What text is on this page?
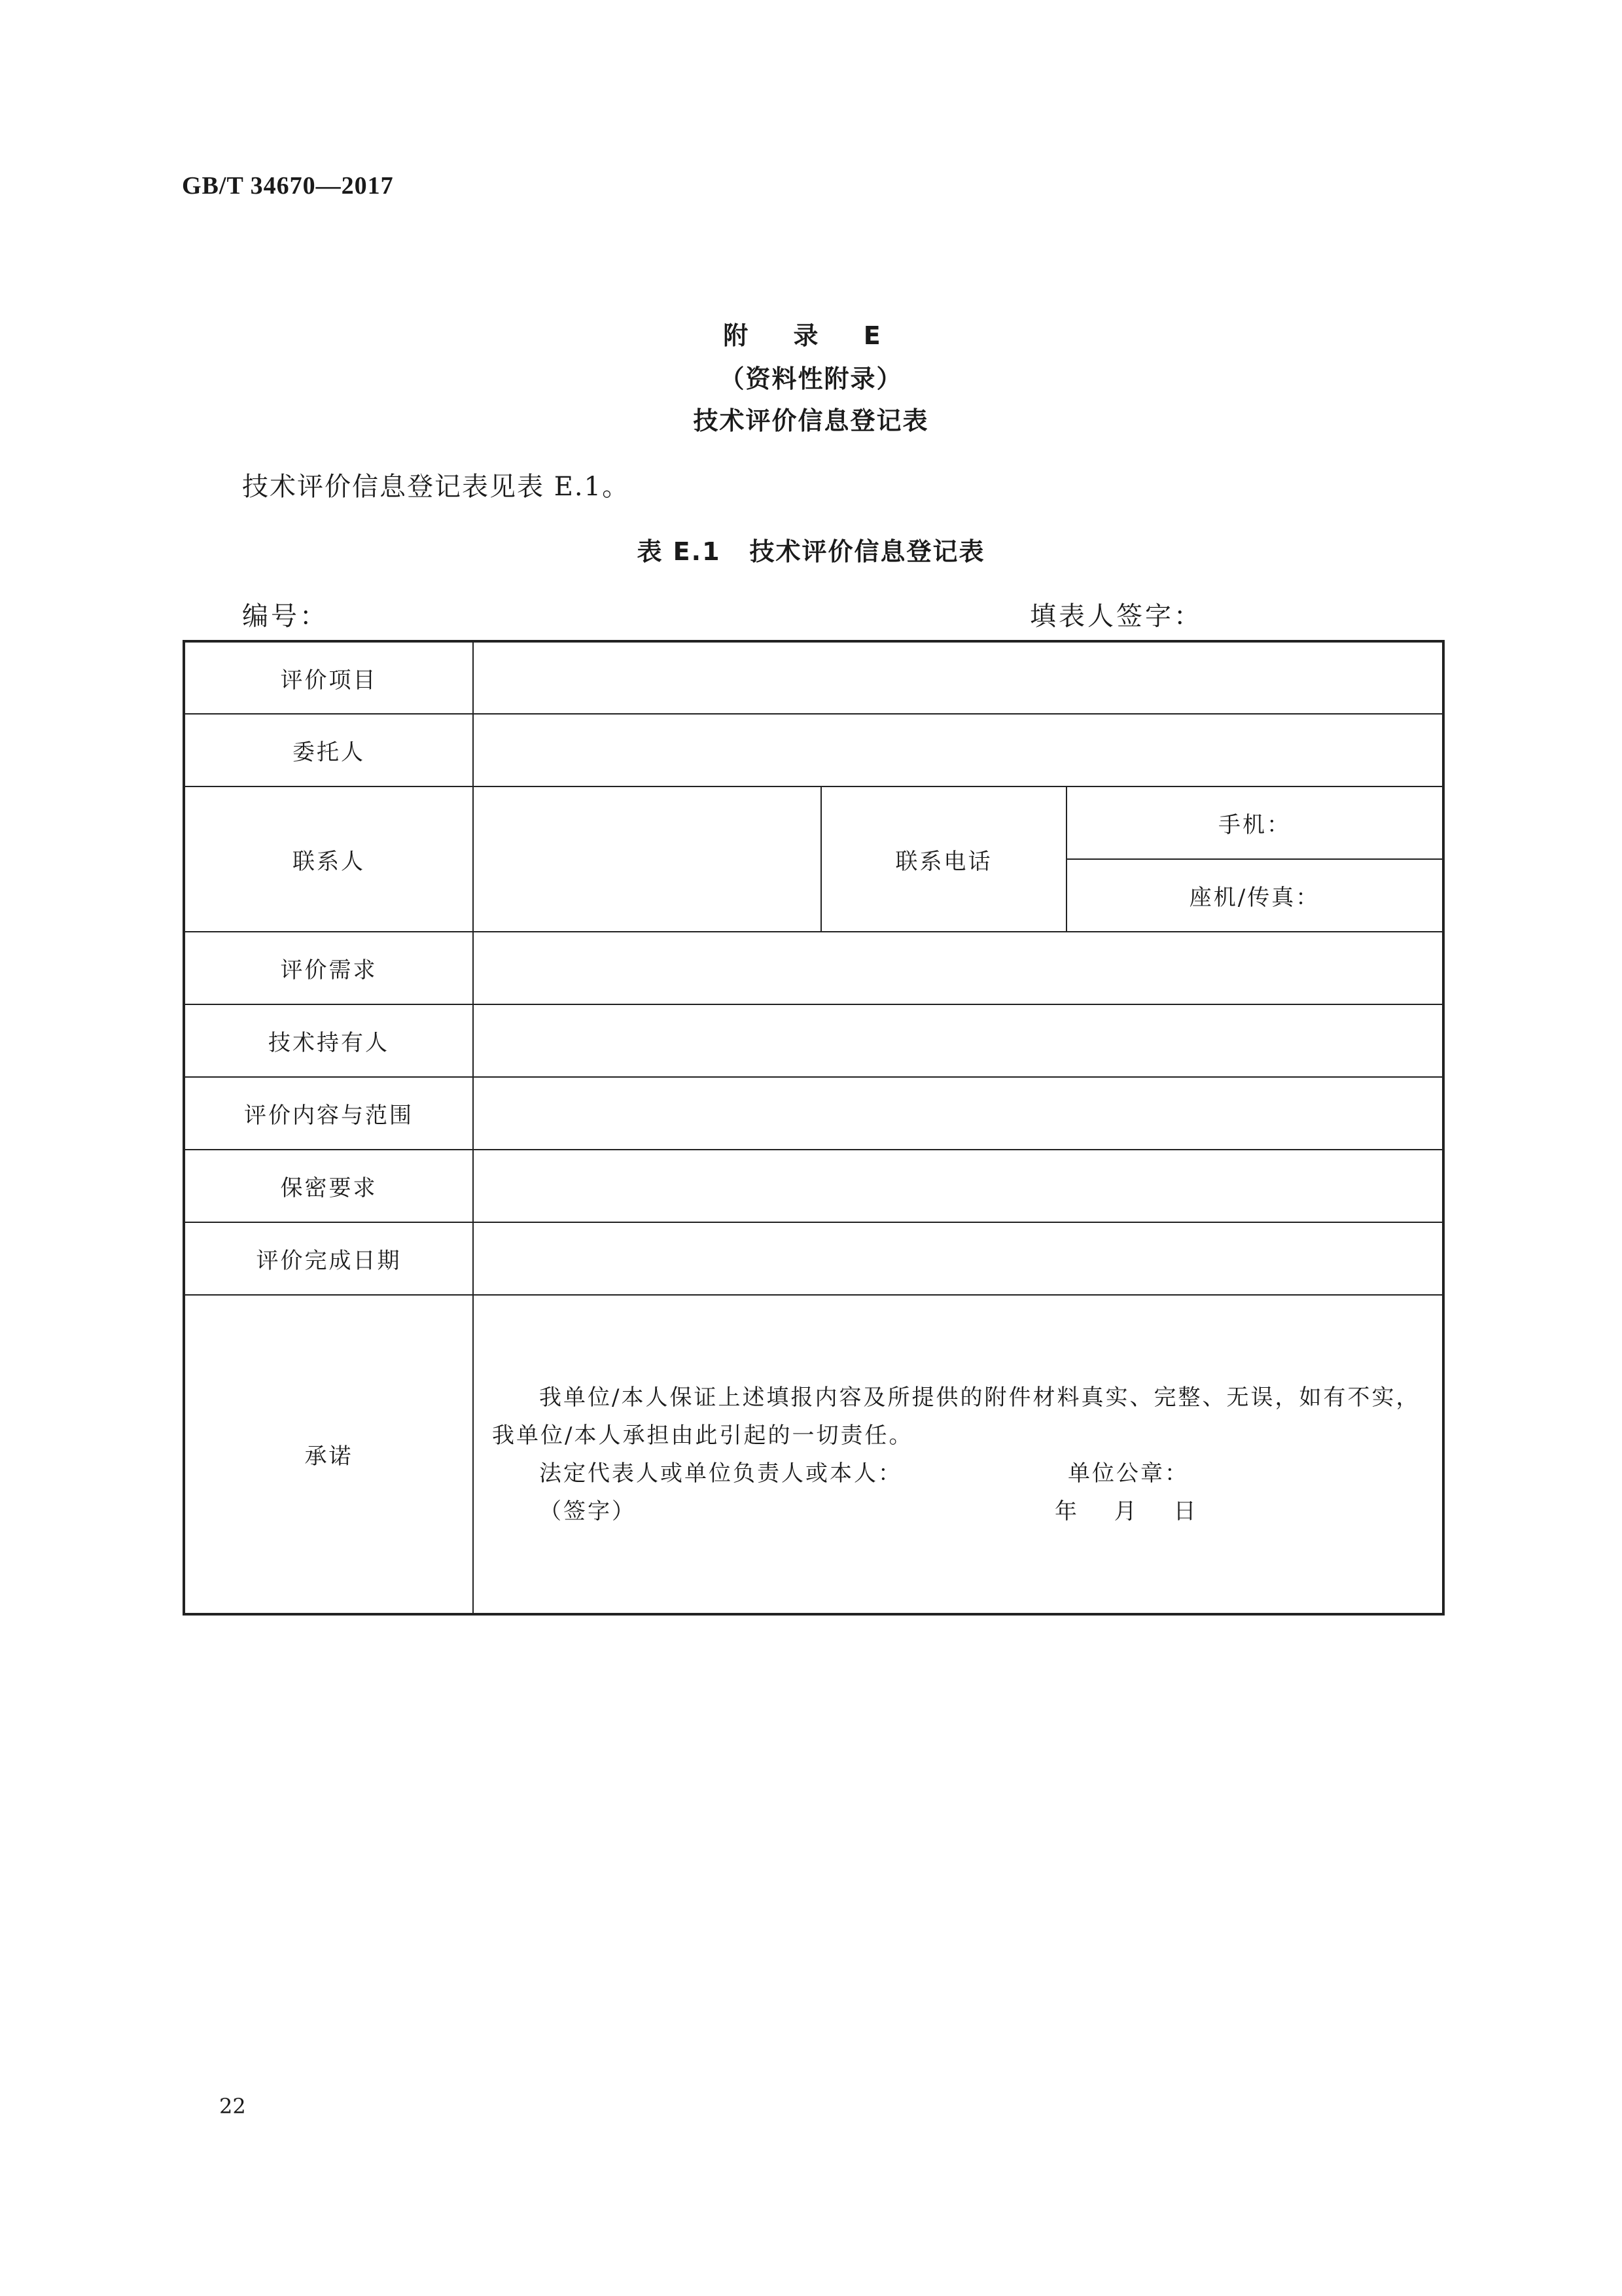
GB/T 34670—2017
附 录 E
（资料性附录）
技术评价信息登记表
技术评价信息登记表见表 E.1。
表 E.1 技术评价信息登记表
编号：	填表人签字：
评价项目			
委托人			
联系人		联系电话	手机：
			座机/传真：
评价需求			
技术持有人			
评价内容与范围			
保密要求			
评价完成日期			
承诺	我单位/本人保证上述填报内容及所提供的附件材料真实、完整、无误，如有不实，我单位/本人承担由此引起的一切责任。
法定代表人或单位负责人或本人： 单位公章：
（签字） 年 月 日		
22
